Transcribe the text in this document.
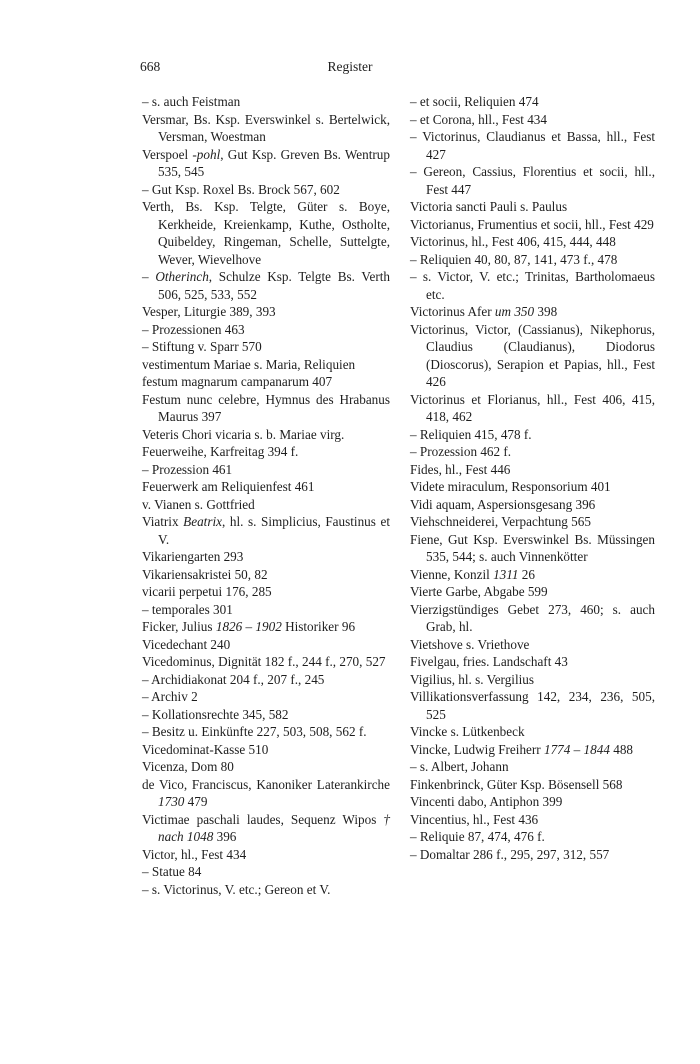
668	Register
– s. auch Feistman
Versmar, Bs. Ksp. Everswinkel s. Bertelwick, Versman, Woestman
Verspoel -pohl, Gut Ksp. Greven Bs. Wentrup 535, 545
– Gut Ksp. Roxel Bs. Brock 567, 602
Verth, Bs. Ksp. Telgte, Güter s. Boye, Kerkheide, Kreienkamp, Kuthe, Ostholte, Quibeldey, Ringeman, Schelle, Suttelgte, Wever, Wievelhove
– Otherinch, Schulze Ksp. Telgte Bs. Verth 506, 525, 533, 552
Vesper, Liturgie 389, 393
– Prozessionen 463
– Stiftung v. Sparr 570
vestimentum Mariae s. Maria, Reliquien
festum magnarum campanarum 407
Festum nunc celebre, Hymnus des Hrabanus Maurus 397
Veteris Chori vicaria s. b. Mariae virg.
Feuerweihe, Karfreitag 394 f.
– Prozession 461
Feuerwerk am Reliquienfest 461
v. Vianen s. Gottfried
Viatrix Beatrix, hl. s. Simplicius, Faustinus et V.
Vikariengarten 293
Vikariensakristei 50, 82
vicarii perpetui 176, 285
– temporales 301
Ficker, Julius 1826 – 1902 Historiker 96
Vicedechant 240
Vicedominus, Dignität 182 f., 244 f., 270, 527
– Archidiakonat 204 f., 207 f., 245
– Archiv 2
– Kollationsrechte 345, 582
– Besitz u. Einkünfte 227, 503, 508, 562 f.
Vicedominat-Kasse 510
Vicenza, Dom 80
de Vico, Franciscus, Kanoniker Laterankirche 1730 479
Victimae paschali laudes, Sequenz Wipos † nach 1048 396
Victor, hl., Fest 434
– Statue 84
– s. Victorinus, V. etc.; Gereon et V.
– et socii, Reliquien 474
– et Corona, hll., Fest 434
– Victorinus, Claudianus et Bassa, hll., Fest 427
– Gereon, Cassius, Florentius et socii, hll., Fest 447
Victoria sancti Pauli s. Paulus
Victorianus, Frumentius et socii, hll., Fest 429
Victorinus, hl., Fest 406, 415, 444, 448
– Reliquien 40, 80, 87, 141, 473 f., 478
– s. Victor, V. etc.; Trinitas, Bartholomaeus etc.
Victorinus Afer um 350 398
Victorinus, Victor, (Cassianus), Nikephorus, Claudius (Claudianus), Diodorus (Dioscorus), Serapion et Papias, hll., Fest 426
Victorinus et Florianus, hll., Fest 406, 415, 418, 462
– Reliquien 415, 478 f.
– Prozession 462 f.
Fides, hl., Fest 446
Videte miraculum, Responsorium 401
Vidi aquam, Aspersionsgesang 396
Viehschneiderei, Verpachtung 565
Fiene, Gut Ksp. Everswinkel Bs. Müssingen 535, 544; s. auch Vinnenkötter
Vienne, Konzil 1311 26
Vierte Garbe, Abgabe 599
Vierzigstündiges Gebet 273, 460; s. auch Grab, hl.
Vietshove s. Vriethove
Fivelgau, fries. Landschaft 43
Vigilius, hl. s. Vergilius
Villikationsverfassung 142, 234, 236, 505, 525
Vincke s. Lütkenbeck
Vincke, Ludwig Freiherr 1774 – 1844 488
– s. Albert, Johann
Finkenbrinck, Güter Ksp. Bösensell 568
Vincenti dabo, Antiphon 399
Vincentius, hl., Fest 436
– Reliquie 87, 474, 476 f.
– Domaltar 286 f., 295, 297, 312, 557
